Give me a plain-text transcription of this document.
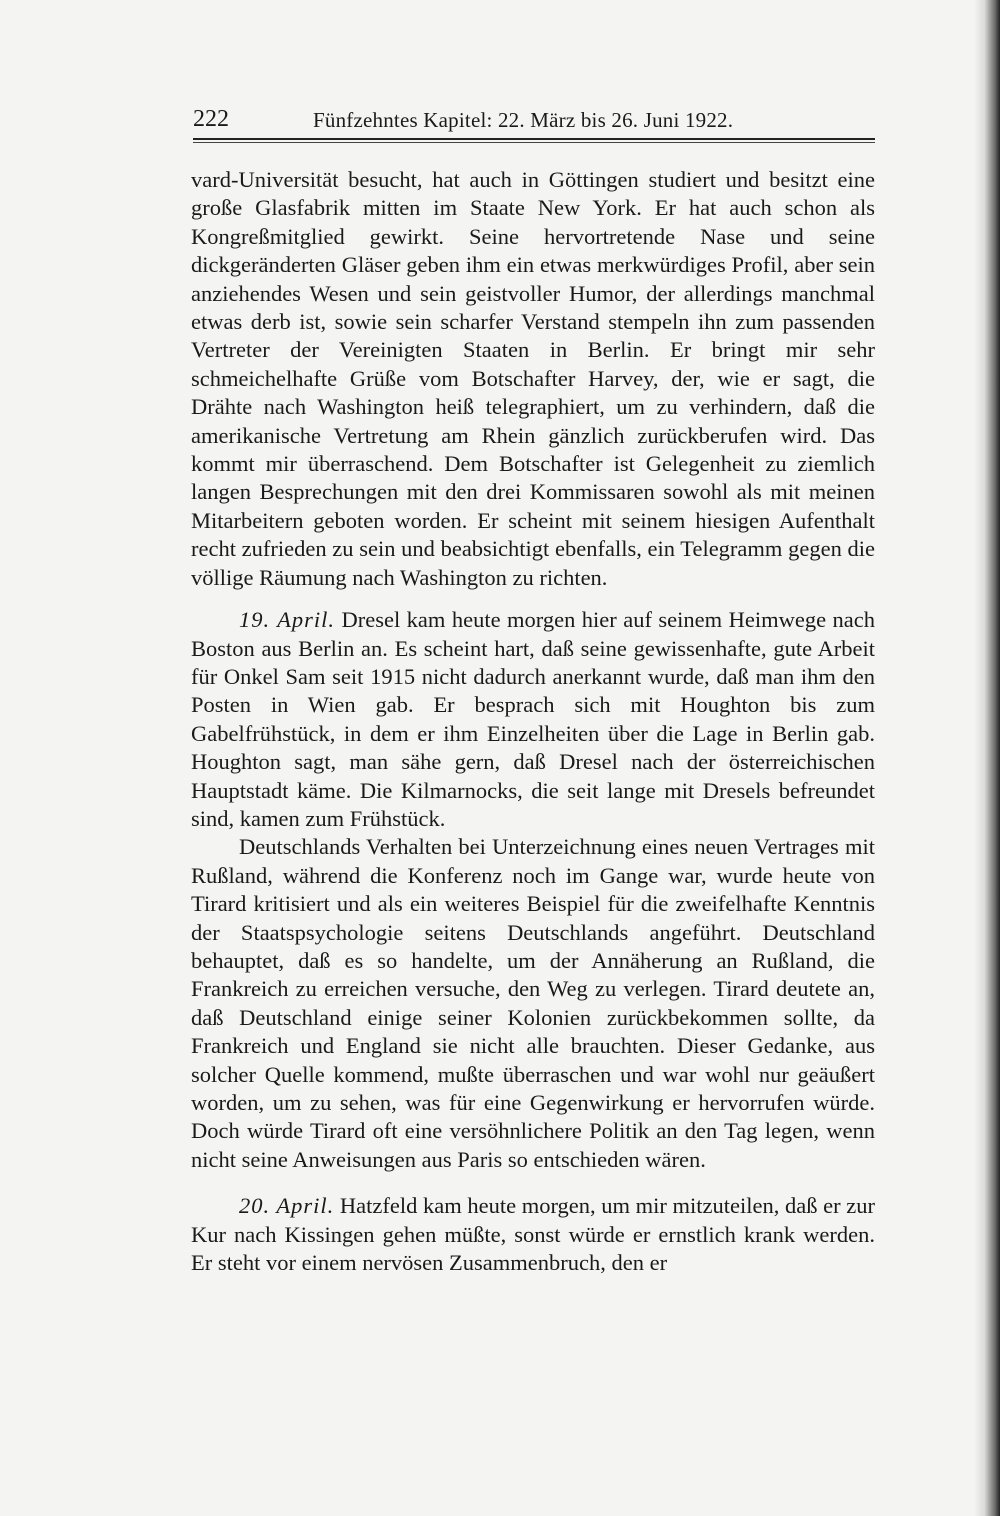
222	Fünfzehntes Kapitel: 22. März bis 26. Juni 1922.

vard-Universität besucht, hat auch in Göttingen studiert und besitzt eine große Glasfabrik mitten im Staate New York. Er hat auch schon als Kongreßmitglied gewirkt. Seine hervortretende Nase und seine dickgeränderten Gläser geben ihm ein etwas merkwürdiges Profil, aber sein anziehendes Wesen und sein geistvoller Humor, der allerdings manchmal etwas derb ist, sowie sein scharfer Verstand stempeln ihn zum passenden Vertreter der Vereinigten Staaten in Berlin. Er bringt mir sehr schmeichelhafte Grüße vom Botschafter Harvey, der, wie er sagt, die Drähte nach Washington heiß telegraphiert, um zu verhindern, daß die amerikanische Vertretung am Rhein gänzlich zurückberufen wird. Das kommt mir überraschend. Dem Botschafter ist Gelegenheit zu ziemlich langen Besprechungen mit den drei Kommissaren sowohl als mit meinen Mitarbeitern geboten worden. Er scheint mit seinem hiesigen Aufenthalt recht zufrieden zu sein und beabsichtigt ebenfalls, ein Telegramm gegen die völlige Räumung nach Washington zu richten.

19. April. Dresel kam heute morgen hier auf seinem Heimwege nach Boston aus Berlin an. Es scheint hart, daß seine gewissenhafte, gute Arbeit für Onkel Sam seit 1915 nicht dadurch anerkannt wurde, daß man ihm den Posten in Wien gab. Er besprach sich mit Houghton bis zum Gabelfrühstück, in dem er ihm Einzelheiten über die Lage in Berlin gab. Houghton sagt, man sähe gern, daß Dresel nach der österreichischen Hauptstadt käme. Die Kilmarnocks, die seit lange mit Dresels befreundet sind, kamen zum Frühstück.

Deutschlands Verhalten bei Unterzeichnung eines neuen Vertrages mit Rußland, während die Konferenz noch im Gange war, wurde heute von Tirard kritisiert und als ein weiteres Beispiel für die zweifelhafte Kenntnis der Staatspsychologie seitens Deutschlands angeführt. Deutschland behauptet, daß es so handelte, um der Annäherung an Rußland, die Frankreich zu erreichen versuche, den Weg zu verlegen. Tirard deutete an, daß Deutschland einige seiner Kolonien zurückbekommen sollte, da Frankreich und England sie nicht alle brauchten. Dieser Gedanke, aus solcher Quelle kommend, mußte überraschen und war wohl nur geäußert worden, um zu sehen, was für eine Gegenwirkung er hervorrufen würde. Doch würde Tirard oft eine versöhnlichere Politik an den Tag legen, wenn nicht seine Anweisungen aus Paris so entschieden wären.

20. April. Hatzfeld kam heute morgen, um mir mitzuteilen, daß er zur Kur nach Kissingen gehen müßte, sonst würde er ernstlich krank werden. Er steht vor einem nervösen Zusammenbruch, den er
